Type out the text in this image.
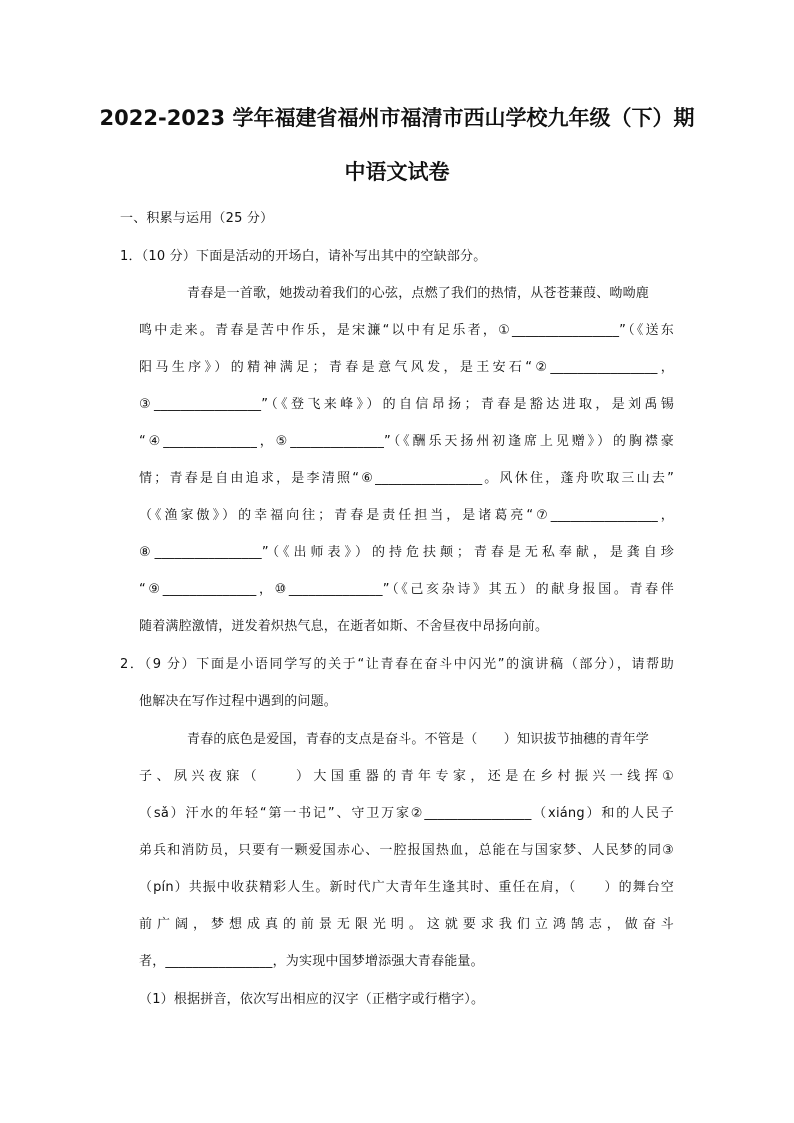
2022-2023 学年福建省福州市福清市西山学校九年级（下）期
中语文试卷

一、积累与运用（25 分）

1．（10 分）下面是活动的开场白，请补写出其中的空缺部分。

青春是一首歌，她拨动着我们的心弦，点燃了我们的热情，从苍苍蒹葭、呦呦鹿

鸣中走来。青春是苦中作乐，是宋濂“以中有足乐者，①________________”（《送东

阳马生序》）的精神满足；青春是意气风发，是王安石“②________________，

③________________”（《登飞来峰》）的自信昂扬；青春是豁达进取，是刘禹锡

“④______________，⑤______________”（《酬乐天扬州初逢席上见赠》）的胸襟豪

情；青春是自由追求，是李清照“⑥________________。风休住，蓬舟吹取三山去”

（《渔家傲》）的幸福向往；青春是责任担当，是诸葛亮“⑦________________，

⑧________________”（《出师表》）的持危扶颠；青春是无私奉献，是龚自珍

“⑨______________，⑩______________”（《己亥杂诗》其五）的献身报国。青春伴

随着满腔激情，迸发着炽热气息，在逝者如斯、不舍昼夜中昂扬向前。

2．（9 分）下面是小语同学写的关于“让青春在奋斗中闪光”的演讲稿（部分），请帮助

他解决在写作过程中遇到的问题。

青春的底色是爱国，青春的支点是奋斗。不管是（　　）知识拔节抽穗的青年学

子、夙兴夜寐（　　）大国重器的青年专家，还是在乡村振兴一线挥①

（sǎ）汗水的年轻“第一书记”、守卫万家②________________（xiáng）和的人民子

弟兵和消防员，只要有一颗爱国赤心、一腔报国热血，总能在与国家梦、人民梦的同③

（pín）共振中收获精彩人生。新时代广大青年生逢其时、重任在肩，（　　）的舞台空

前广阔，梦想成真的前景无限光明。这就要求我们立鸿鹄志，做奋斗

者，________________，为实现中国梦增添强大青春能量。

（1）根据拼音，依次写出相应的汉字（正楷字或行楷字）。
